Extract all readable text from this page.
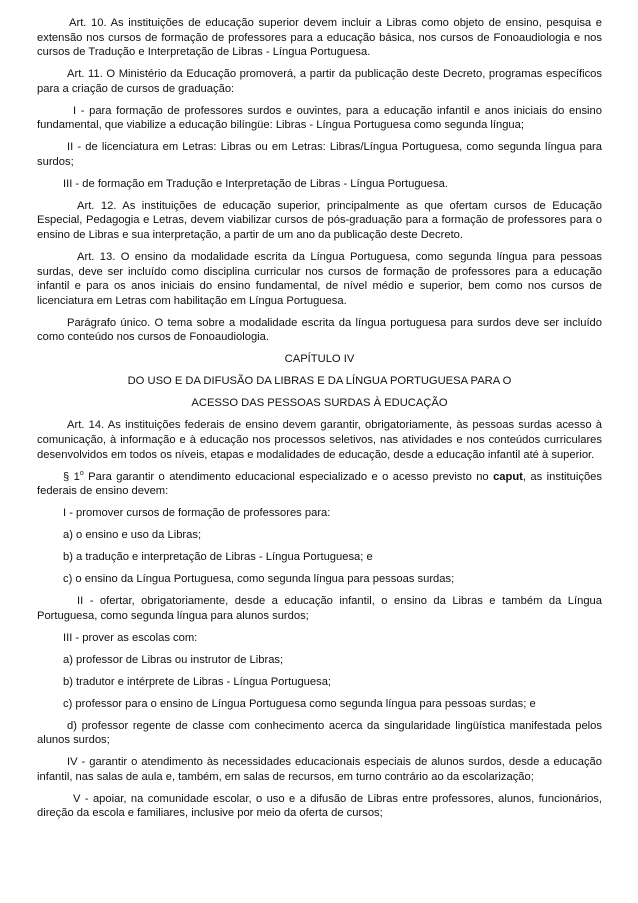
Art. 10. As instituições de educação superior devem incluir a Libras como objeto de ensino, pesquisa e extensão nos cursos de formação de professores para a educação básica, nos cursos de Fonoaudiologia e nos cursos de Tradução e Interpretação de Libras - Língua Portuguesa.

Art. 11. O Ministério da Educação promoverá, a partir da publicação deste Decreto, programas específicos para a criação de cursos de graduação:

I - para formação de professores surdos e ouvintes, para a educação infantil e anos iniciais do ensino fundamental, que viabilize a educação bilíngüe: Libras - Língua Portuguesa como segunda língua;

II - de licenciatura em Letras: Libras ou em Letras: Libras/Língua Portuguesa, como segunda língua para surdos;

III - de formação em Tradução e Interpretação de Libras - Língua Portuguesa.

Art. 12. As instituições de educação superior, principalmente as que ofertam cursos de Educação Especial, Pedagogia e Letras, devem viabilizar cursos de pós-graduação para a formação de professores para o ensino de Libras e sua interpretação, a partir de um ano da publicação deste Decreto.

Art. 13. O ensino da modalidade escrita da Língua Portuguesa, como segunda língua para pessoas surdas, deve ser incluído como disciplina curricular nos cursos de formação de professores para a educação infantil e para os anos iniciais do ensino fundamental, de nível médio e superior, bem como nos cursos de licenciatura em Letras com habilitação em Língua Portuguesa.

Parágrafo único. O tema sobre a modalidade escrita da língua portuguesa para surdos deve ser incluído como conteúdo nos cursos de Fonoaudiologia.

CAPÍTULO IV

DO USO E DA DIFUSÃO DA LIBRAS E DA LÍNGUA PORTUGUESA PARA O

ACESSO DAS PESSOAS SURDAS À EDUCAÇÃO

Art. 14. As instituições federais de ensino devem garantir, obrigatoriamente, às pessoas surdas acesso à comunicação, à informação e à educação nos processos seletivos, nas atividades e nos conteúdos curriculares desenvolvidos em todos os níveis, etapas e modalidades de educação, desde a educação infantil até à superior.

§ 1$^o$ Para garantir o atendimento educacional especializado e o acesso previsto no caput, as instituições federais de ensino devem:

I - promover cursos de formação de professores para:

a) o ensino e uso da Libras;

b) a tradução e interpretação de Libras - Língua Portuguesa; e

c) o ensino da Língua Portuguesa, como segunda língua para pessoas surdas;

II - ofertar, obrigatoriamente, desde a educação infantil, o ensino da Libras e também da Língua Portuguesa, como segunda língua para alunos surdos;

III - prover as escolas com:

a) professor de Libras ou instrutor de Libras;

b) tradutor e intérprete de Libras - Língua Portuguesa;

c) professor para o ensino de Língua Portuguesa como segunda língua para pessoas surdas; e

d) professor regente de classe com conhecimento acerca da singularidade lingüística manifestada pelos alunos surdos;

IV - garantir o atendimento às necessidades educacionais especiais de alunos surdos, desde a educação infantil, nas salas de aula e, também, em salas de recursos, em turno contrário ao da escolarização;

V - apoiar, na comunidade escolar, o uso e a difusão de Libras entre professores, alunos, funcionários, direção da escola e familiares, inclusive por meio da oferta de cursos;
